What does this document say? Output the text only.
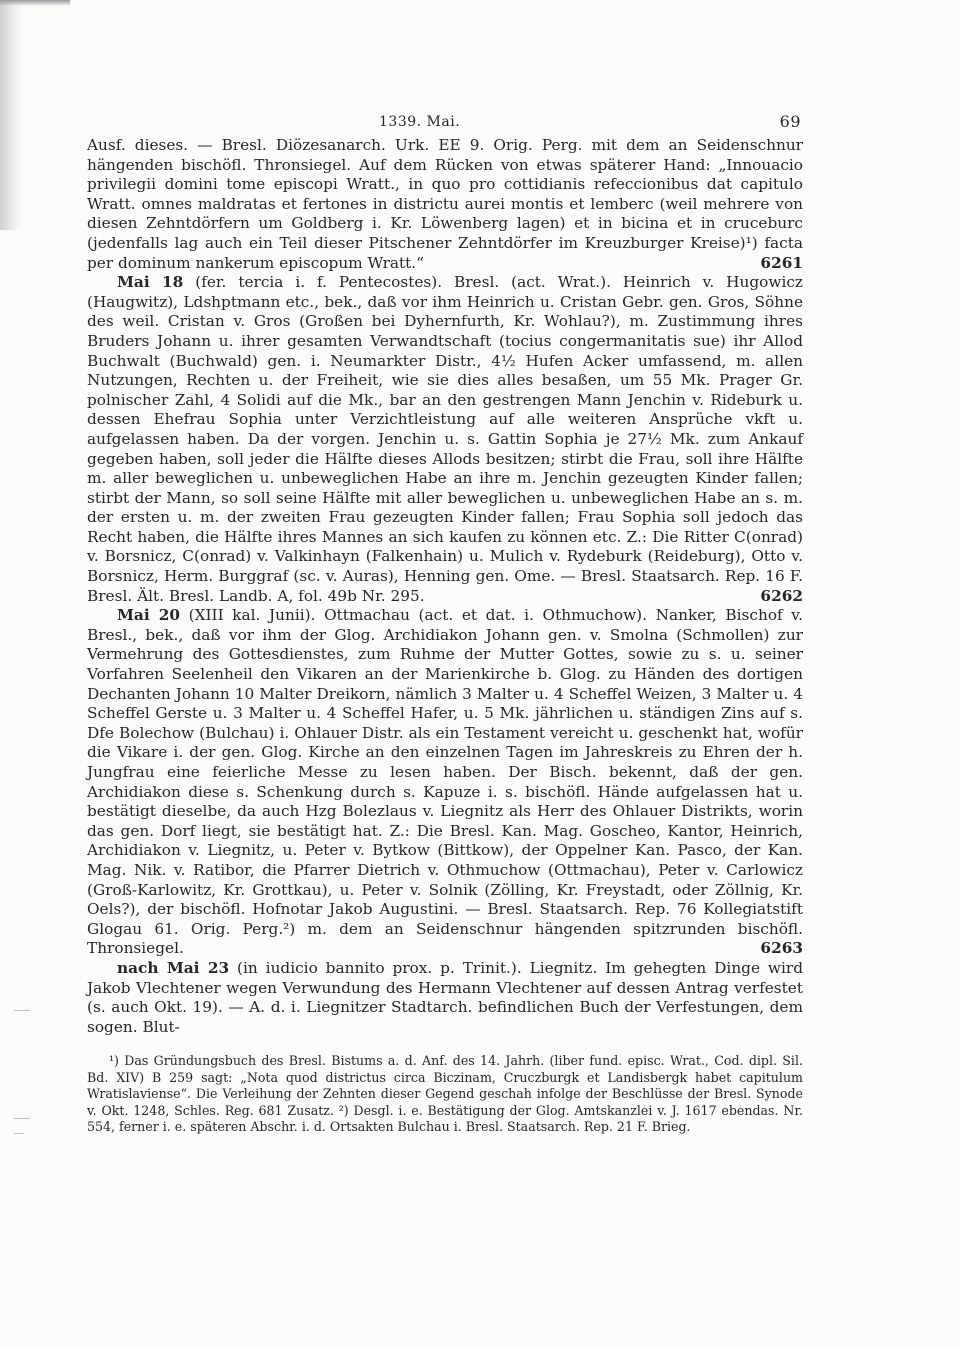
1339. Mai.	69

Ausf. dieses. — Bresl. Diözesanarch. Urk. EE 9. Orig. Perg. mit dem an Seidenschnur hängenden bischöfl. Thronsiegel. Auf dem Rücken von etwas späterer Hand: „Innouacio privilegii domini tome episcopi Wratt., in quo pro cottidianis refeccionibus dat capitulo Wratt. omnes maldratas et fertones in districtu aurei montis et lemberc (weil mehrere von diesen Zehntdörfern um Goldberg i. Kr. Löwenberg lagen) et in bicina et in cruceburc (jedenfalls lag auch ein Teil dieser Pitschener Zehntdörfer im Kreuzburger Kreise)¹) facta per dominum nankerum episcopum Wratt.“	6261

Mai 18 (fer. tercia i. f. Pentecostes). Bresl. (act. Wrat.). Heinrich v. Hugowicz (Haugwitz), Ldshptmann etc., bek., daß vor ihm Heinrich u. Cristan Gebr. gen. Gros, Söhne des weil. Cristan v. Gros (Großen bei Dyhernfurth, Kr. Wohlau?), m. Zustimmung ihres Bruders Johann u. ihrer gesamten Verwandtschaft (tocius congermanitatis sue) ihr Allod Buchwalt (Buchwald) gen. i. Neumarkter Distr., 4½ Hufen Acker umfassend, m. allen Nutzungen, Rechten u. der Freiheit, wie sie dies alles besaßen, um 55 Mk. Prager Gr. polnischer Zahl, 4 Solidi auf die Mk., bar an den gestrengen Mann Jenchin v. Rideburk u. dessen Ehefrau Sophia unter Verzichtleistung auf alle weiteren Ansprüche vkft u. aufgelassen haben. Da der vorgen. Jenchin u. s. Gattin Sophia je 27½ Mk. zum Ankauf gegeben haben, soll jeder die Hälfte dieses Allods besitzen; stirbt die Frau, soll ihre Hälfte m. aller beweglichen u. unbeweglichen Habe an ihre m. Jenchin gezeugten Kinder fallen; stirbt der Mann, so soll seine Hälfte mit aller beweglichen u. unbeweglichen Habe an s. m. der ersten u. m. der zweiten Frau gezeugten Kinder fallen; Frau Sophia soll jedoch das Recht haben, die Hälfte ihres Mannes an sich kaufen zu können etc. Z.: Die Ritter C(onrad) v. Borsnicz, C(onrad) v. Valkinhayn (Falkenhain) u. Mulich v. Rydeburk (Reideburg), Otto v. Borsnicz, Herm. Burggraf (sc. v. Auras), Henning gen. Ome. — Bresl. Staatsarch. Rep. 16 F. Bresl. Ält. Bresl. Landb. A, fol. 49b Nr. 295.	6262

Mai 20 (XIII kal. Junii). Ottmachau (act. et dat. i. Othmuchow). Nanker, Bischof v. Bresl., bek., daß vor ihm der Glog. Archidiakon Johann gen. v. Smolna (Schmollen) zur Vermehrung des Gottesdienstes, zum Ruhme der Mutter Gottes, sowie zu s. u. seiner Vorfahren Seelenheil den Vikaren an der Marienkirche b. Glog. zu Händen des dortigen Dechanten Johann 10 Malter Dreikorn, nämlich 3 Malter u. 4 Scheffel Weizen, 3 Malter u. 4 Scheffel Gerste u. 3 Malter u. 4 Scheffel Hafer, u. 5 Mk. jährlichen u. ständigen Zins auf s. Dfe Bolechow (Bulchau) i. Ohlauer Distr. als ein Testament vereicht u. geschenkt hat, wofür die Vikare i. der gen. Glog. Kirche an den einzelnen Tagen im Jahreskreis zu Ehren der h. Jungfrau eine feierliche Messe zu lesen haben. Der Bisch. bekennt, daß der gen. Archidiakon diese s. Schenkung durch s. Kapuze i. s. bischöfl. Hände aufgelassen hat u. bestätigt dieselbe, da auch Hzg Bolezlaus v. Liegnitz als Herr des Ohlauer Distrikts, worin das gen. Dorf liegt, sie bestätigt hat. Z.: Die Bresl. Kan. Mag. Goscheo, Kantor, Heinrich, Archidiakon v. Liegnitz, u. Peter v. Bytkow (Bittkow), der Oppelner Kan. Pasco, der Kan. Mag. Nik. v. Ratibor, die Pfarrer Dietrich v. Othmuchow (Ottmachau), Peter v. Carlowicz (Groß-Karlowitz, Kr. Grottkau), u. Peter v. Solnik (Zölling, Kr. Freystadt, oder Zöllnig, Kr. Oels?), der bischöfl. Hofnotar Jakob Augustini. — Bresl. Staatsarch. Rep. 76 Kollegiatstift Glogau 61. Orig. Perg.²) m. dem an Seidenschnur hängenden spitzrunden bischöfl. Thronsiegel.	6263

nach Mai 23 (in iudicio bannito prox. p. Trinit.). Liegnitz. Im gehegten Dinge wird Jakob Vlechtener wegen Verwundung des Hermann Vlechtener auf dessen Antrag verfestet (s. auch Okt. 19). — A. d. i. Liegnitzer Stadtarch. befindlichen Buch der Verfestungen, dem sogen. Blut-

¹) Das Gründungsbuch des Bresl. Bistums a. d. Anf. des 14. Jahrh. (liber fund. episc. Wrat., Cod. dipl. Sil. Bd. XIV) B 259 sagt: „Nota quod districtus circa Biczinam, Cruczburgk et Landisbergk habet capitulum Wratislaviense“. Die Verleihung der Zehnten dieser Gegend geschah infolge der Beschlüsse der Bresl. Synode v. Okt. 1248, Schles. Reg. 681 Zusatz. ²) Desgl. i. e. Bestätigung der Glog. Amtskanzlei v. J. 1617 ebendas. Nr. 554, ferner i. e. späteren Abschr. i. d. Ortsakten Bulchau i. Bresl. Staatsarch. Rep. 21 F. Brieg.
